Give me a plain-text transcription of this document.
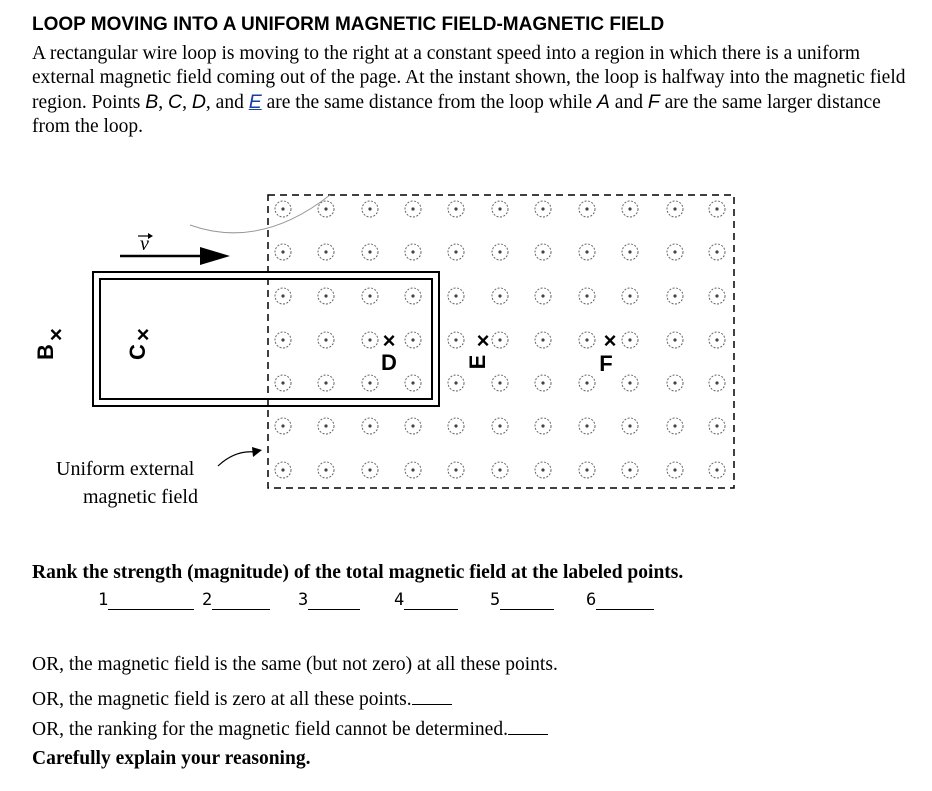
LOOP MOVING INTO A UNIFORM MAGNETIC FIELD-MAGNETIC FIELD
A rectangular wire loop is moving to the right at a constant speed into a region in which there is a uniform external magnetic field coming out of the page. At the instant shown, the loop is halfway into the magnetic field region. Points B, C, D, and E are the same distance from the loop while A and F are the same larger distance from the loop.
v
Uniform external
magnetic field
B
×
C
×	×
D
×
E
×
F
Rank the strength (magnitude) of the total magnetic field at the labeled points.
1	2	3	4	5	6
OR, the magnetic field is the same (but not zero) at all these points.
OR, the magnetic field is zero at all these points.
OR, the ranking for the magnetic field cannot be determined.
Carefully explain your reasoning.
